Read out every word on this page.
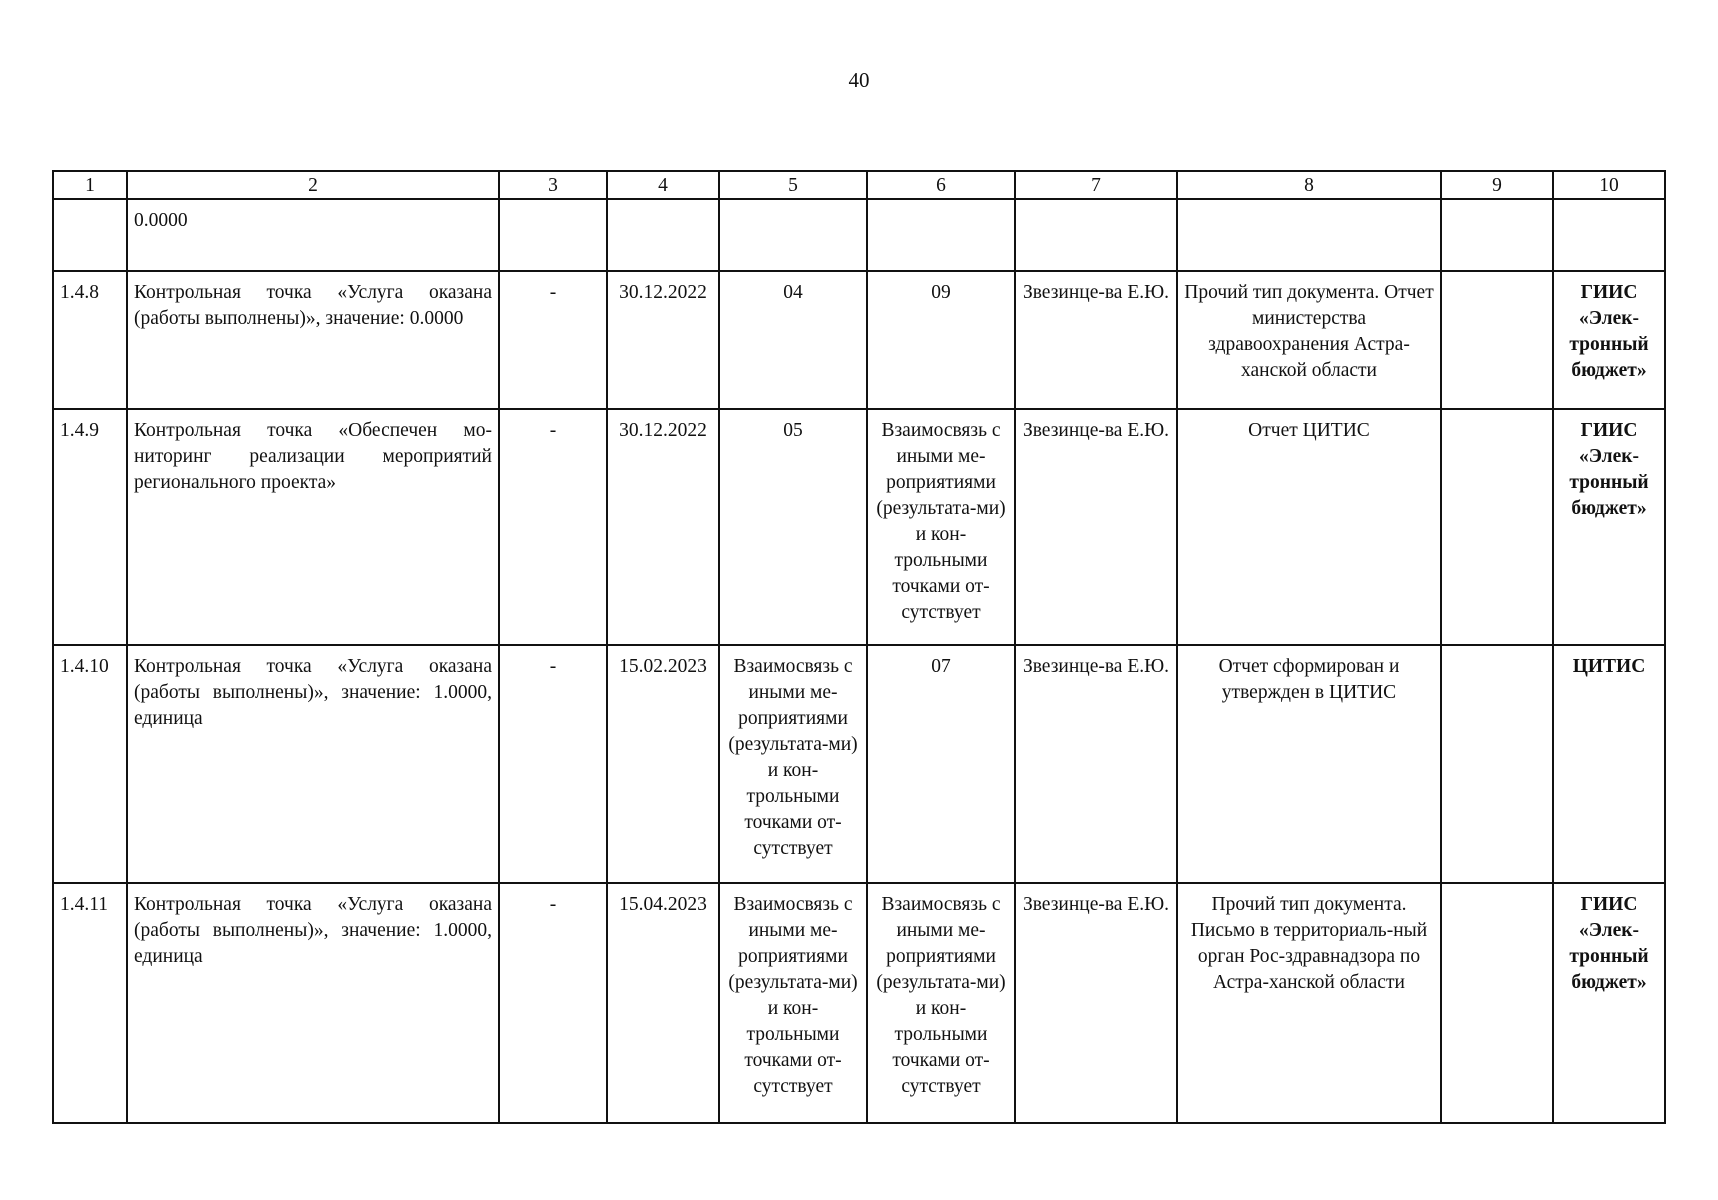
40
1	2	3	4	5	6	7	8	9	10
	0.0000								
1.4.8	Контрольная точка «Услуга оказана (работы выполнены)», значение: 0.0000	-	30.12.2022	04	09	Звезинце-ва Е.Ю.	Прочий тип документа. Отчет министерства здравоохранения Астра-ханской области		ГИИС «Элек-тронный бюджет»
1.4.9	Контрольная точка «Обеспечен мо-ниторинг реализации мероприятий регионального проекта»	-	30.12.2022	05	Взаимосвязь с иными ме-роприятиями (результата-ми) и кон-трольными точками от-сутствует	Звезинце-ва Е.Ю.	Отчет ЦИТИС		ГИИС «Элек-тронный бюджет»
1.4.10	Контрольная точка «Услуга оказана (работы выполнены)», значение: 1.0000, единица	-	15.02.2023	Взаимосвязь с иными ме-роприятиями (результата-ми) и кон-трольными точками от-сутствует	07	Звезинце-ва Е.Ю.	Отчет сформирован и утвержден в ЦИТИС		ЦИТИС
1.4.11	Контрольная точка «Услуга оказана (работы выполнены)», значение: 1.0000, единица	-	15.04.2023	Взаимосвязь с иными ме-роприятиями (результата-ми) и кон-трольными точками от-сутствует	Взаимосвязь с иными ме-роприятиями (результата-ми) и кон-трольными точками от-сутствует	Звезинце-ва Е.Ю.	Прочий тип документа. Письмо в территориаль-ный орган Рос-здравнадзора по Астра-ханской области		ГИИС «Элек-тронный бюджет»
